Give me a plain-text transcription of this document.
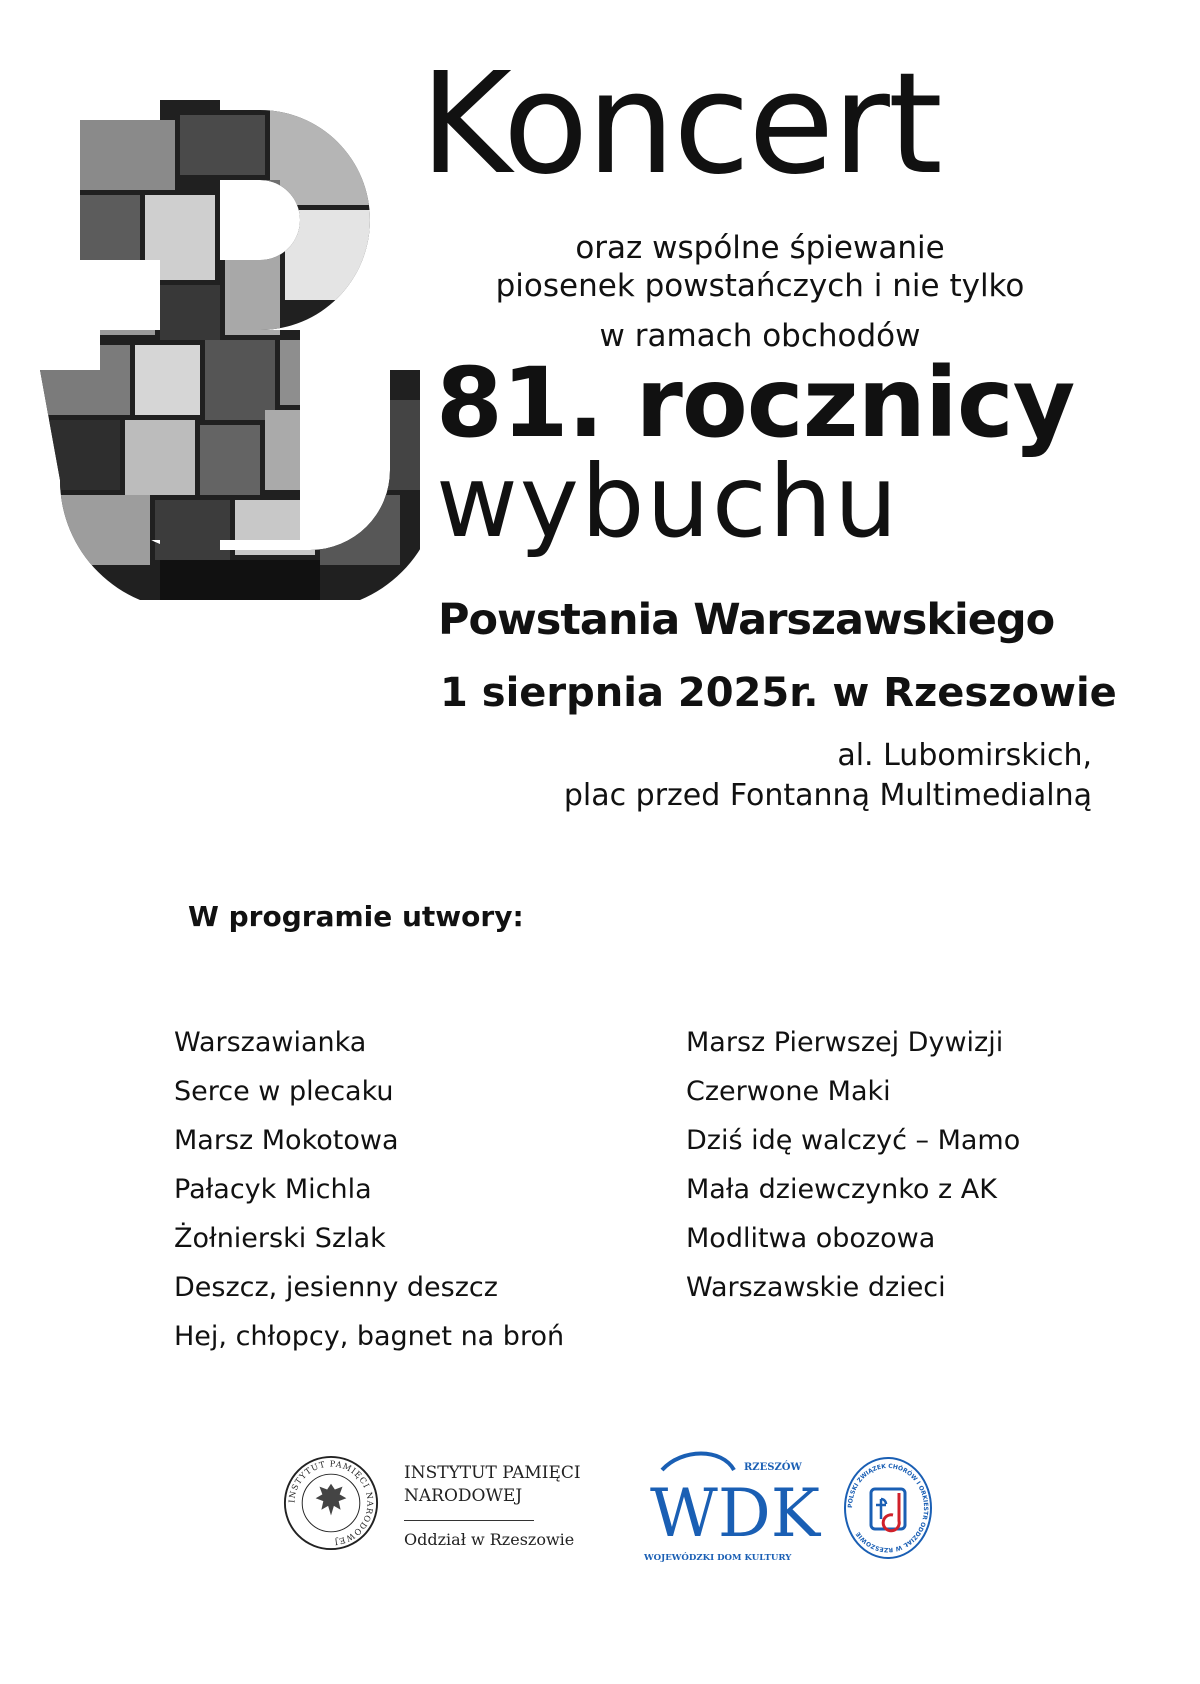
Koncert
oraz wspólne śpiewanie
piosenek powstańczych i nie tylko
w ramach obchodów
81. rocznicy
wybuchu
Powstania Warszawskiego
1 sierpnia 2025r. w Rzeszowie
al. Lubomirskich,
plac przed Fontanną Multimedialną
W programie utwory:
Warszawianka
Serce w plecaku
Marsz Mokotowa
Pałacyk Michla
Żołnierski Szlak
Deszcz, jesienny deszcz
Hej, chłopcy, bagnet na broń
Marsz Pierwszej Dywizji
Czerwone Maki
Dziś idę walczyć – Mamo
Mała dziewczynko z AK
Modlitwa obozowa
Warszawskie dzieci
INSTYTUT PAMIĘCI NARODOWEJ
INSTYTUT PAMIĘCI
NARODOWEJ
Oddział w Rzeszowie
RZESZÓW
WDK
WOJEWÓDZKI DOM KULTURY
POLSKI ZWIĄZEK CHÓRÓW I ORKIESTR ODDZIAŁ W RZESZOWIE
